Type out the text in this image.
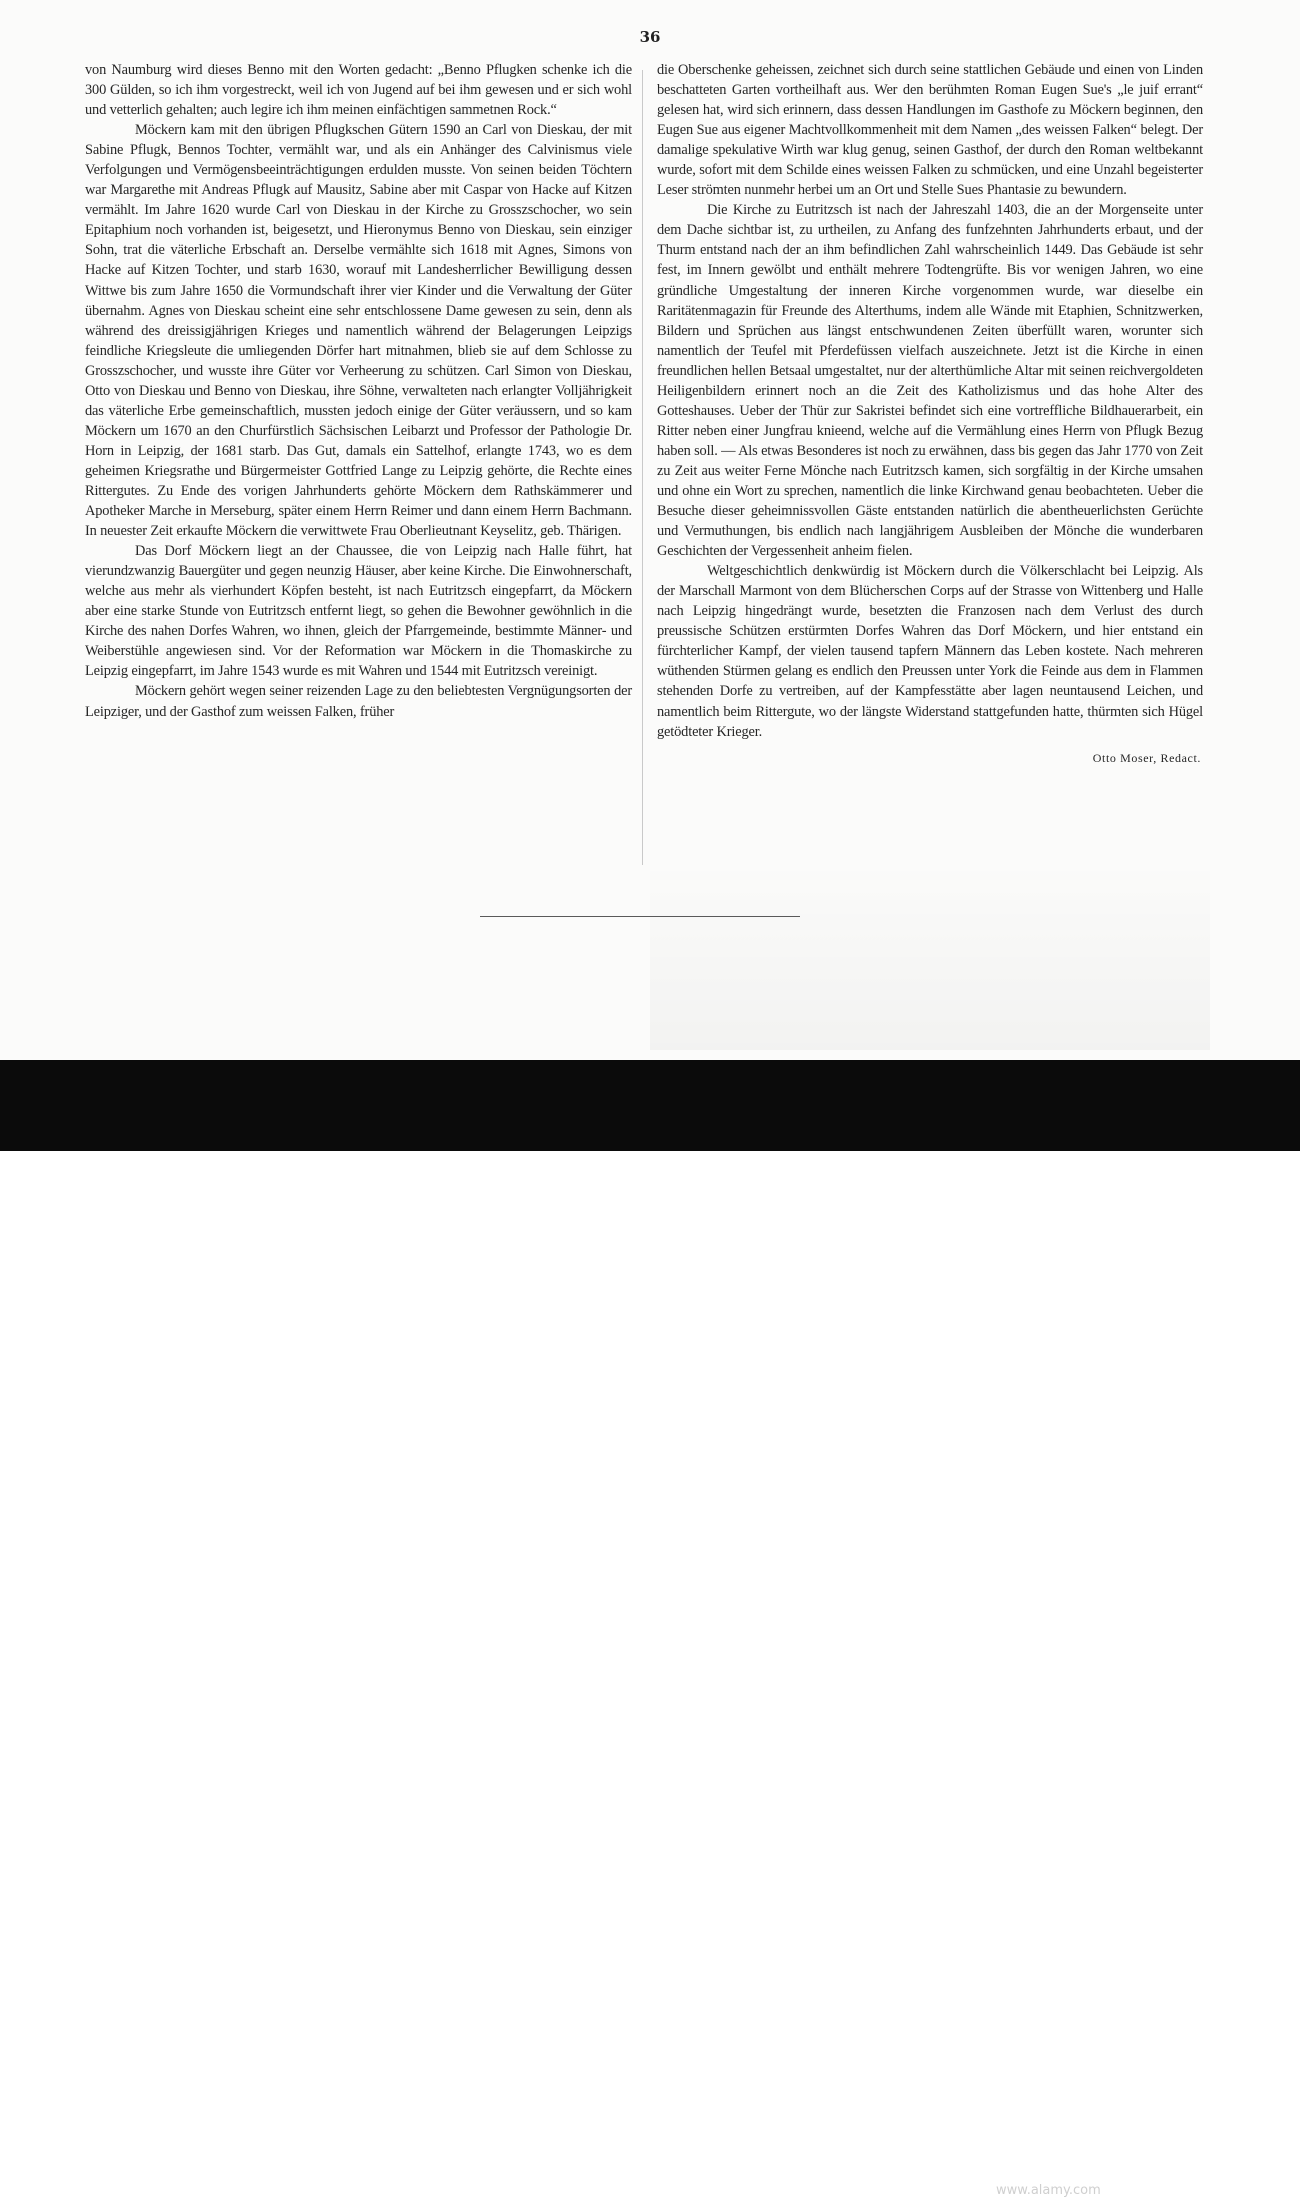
36

von Naumburg wird dieses Benno mit den Worten gedacht: „Benno Pflugken schenke ich die 300 Gülden, so ich ihm vorgestreckt, weil ich von Jugend auf bei ihm gewesen und er sich wohl und vetterlich gehalten; auch legire ich ihm meinen einfächtigen sammetnen Rock.“

Möckern kam mit den übrigen Pflugkschen Gütern 1590 an Carl von Dieskau, der mit Sabine Pflugk, Bennos Tochter, vermählt war, und als ein Anhänger des Calvinismus viele Verfolgungen und Vermögensbeeinträchtigungen erdulden musste. Von seinen beiden Töchtern war Margarethe mit Andreas Pflugk auf Mausitz, Sabine aber mit Caspar von Hacke auf Kitzen vermählt. Im Jahre 1620 wurde Carl von Dieskau in der Kirche zu Grosszschocher, wo sein Epitaphium noch vorhanden ist, beigesetzt, und Hieronymus Benno von Dieskau, sein einziger Sohn, trat die väterliche Erbschaft an. Derselbe vermählte sich 1618 mit Agnes, Simons von Hacke auf Kitzen Tochter, und starb 1630, worauf mit Landesherrlicher Bewilligung dessen Wittwe bis zum Jahre 1650 die Vormundschaft ihrer vier Kinder und die Verwaltung der Güter übernahm. Agnes von Dieskau scheint eine sehr entschlossene Dame gewesen zu sein, denn als während des dreissigjährigen Krieges und namentlich während der Belagerungen Leipzigs feindliche Kriegsleute die umliegenden Dörfer hart mitnahmen, blieb sie auf dem Schlosse zu Grosszschocher, und wusste ihre Güter vor Verheerung zu schützen. Carl Simon von Dieskau, Otto von Dieskau und Benno von Dieskau, ihre Söhne, verwalteten nach erlangter Volljährigkeit das väterliche Erbe gemeinschaftlich, mussten jedoch einige der Güter veräussern, und so kam Möckern um 1670 an den Churfürstlich Sächsischen Leibarzt und Professor der Pathologie Dr. Horn in Leipzig, der 1681 starb. Das Gut, damals ein Sattelhof, erlangte 1743, wo es dem geheimen Kriegsrathe und Bürgermeister Gottfried Lange zu Leipzig gehörte, die Rechte eines Rittergutes. Zu Ende des vorigen Jahrhunderts gehörte Möckern dem Rathskämmerer und Apotheker Marche in Merseburg, später einem Herrn Reimer und dann einem Herrn Bachmann. In neuester Zeit erkaufte Möckern die verwittwete Frau Oberlieutnant Keyselitz, geb. Thärigen.

Das Dorf Möckern liegt an der Chaussee, die von Leipzig nach Halle führt, hat vierundzwanzig Bauergüter und gegen neunzig Häuser, aber keine Kirche. Die Einwohnerschaft, welche aus mehr als vierhundert Köpfen besteht, ist nach Eutritzsch eingepfarrt, da Möckern aber eine starke Stunde von Eutritzsch entfernt liegt, so gehen die Bewohner gewöhnlich in die Kirche des nahen Dorfes Wahren, wo ihnen, gleich der Pfarrgemeinde, bestimmte Männer- und Weiberstühle angewiesen sind. Vor der Reformation war Möckern in die Thomaskirche zu Leipzig eingepfarrt, im Jahre 1543 wurde es mit Wahren und 1544 mit Eutritzsch vereinigt.

Möckern gehört wegen seiner reizenden Lage zu den beliebtesten Vergnügungsorten der Leipziger, und der Gasthof zum weissen Falken, früher

die Oberschenke geheissen, zeichnet sich durch seine stattlichen Gebäude und einen von Linden beschatteten Garten vortheilhaft aus. Wer den berühmten Roman Eugen Sue's „le juif errant“ gelesen hat, wird sich erinnern, dass dessen Handlungen im Gasthofe zu Möckern beginnen, den Eugen Sue aus eigener Machtvollkommenheit mit dem Namen „des weissen Falken“ belegt. Der damalige spekulative Wirth war klug genug, seinen Gasthof, der durch den Roman weltbekannt wurde, sofort mit dem Schilde eines weissen Falken zu schmücken, und eine Unzahl begeisterter Leser strömten nunmehr herbei um an Ort und Stelle Sues Phantasie zu bewundern.

Die Kirche zu Eutritzsch ist nach der Jahreszahl 1403, die an der Morgenseite unter dem Dache sichtbar ist, zu urtheilen, zu Anfang des funfzehnten Jahrhunderts erbaut, und der Thurm entstand nach der an ihm befindlichen Zahl wahrscheinlich 1449. Das Gebäude ist sehr fest, im Innern gewölbt und enthält mehrere Todtengrüfte. Bis vor wenigen Jahren, wo eine gründliche Umgestaltung der inneren Kirche vorgenommen wurde, war dieselbe ein Raritätenmagazin für Freunde des Alterthums, indem alle Wände mit Etaphien, Schnitzwerken, Bildern und Sprüchen aus längst entschwundenen Zeiten überfüllt waren, worunter sich namentlich der Teufel mit Pferdefüssen vielfach auszeichnete. Jetzt ist die Kirche in einen freundlichen hellen Betsaal umgestaltet, nur der alterthümliche Altar mit seinen reichvergoldeten Heiligenbildern erinnert noch an die Zeit des Katholizismus und das hohe Alter des Gotteshauses. Ueber der Thür zur Sakristei befindet sich eine vortreffliche Bildhauerarbeit, ein Ritter neben einer Jungfrau knieend, welche auf die Vermählung eines Herrn von Pflugk Bezug haben soll. — Als etwas Besonderes ist noch zu erwähnen, dass bis gegen das Jahr 1770 von Zeit zu Zeit aus weiter Ferne Mönche nach Eutritzsch kamen, sich sorgfältig in der Kirche umsahen und ohne ein Wort zu sprechen, namentlich die linke Kirchwand genau beobachteten. Ueber die Besuche dieser geheimnissvollen Gäste entstanden natürlich die abentheuerlichsten Gerüchte und Vermuthungen, bis endlich nach langjährigem Ausbleiben der Mönche die wunderbaren Geschichten der Vergessenheit anheim fielen.

Weltgeschichtlich denkwürdig ist Möckern durch die Völkerschlacht bei Leipzig. Als der Marschall Marmont von dem Blücherschen Corps auf der Strasse von Wittenberg und Halle nach Leipzig hingedrängt wurde, besetzten die Franzosen nach dem Verlust des durch preussische Schützen erstürmten Dorfes Wahren das Dorf Möckern, und hier entstand ein fürchterlicher Kampf, der vielen tausend tapfern Männern das Leben kostete. Nach mehreren wüthenden Stürmen gelang es endlich den Preussen unter York die Feinde aus dem in Flammen stehenden Dorfe zu vertreiben, auf der Kampfesstätte aber lagen neuntausend Leichen, und namentlich beim Rittergute, wo der längste Widerstand stattgefunden hatte, thürmten sich Hügel getödteter Krieger.

Otto Moser, Redact.
alamy	Image ID: 2F472FB
www.alamy.com
